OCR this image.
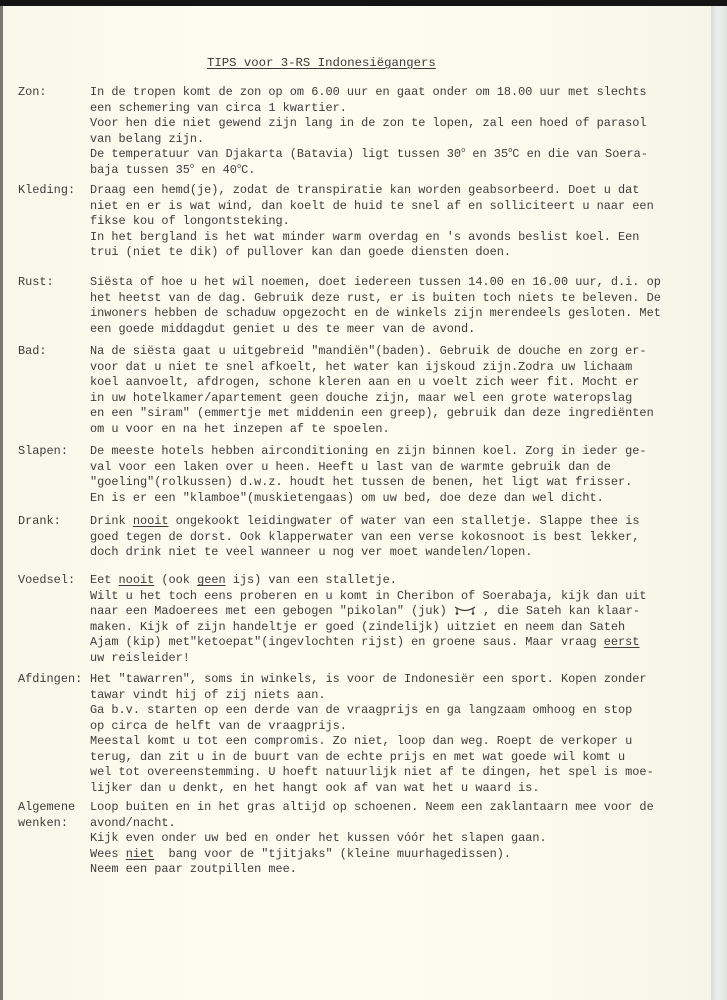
TIPS voor 3-RS Indonesiëgangers
Zon:	In de tropen komt de zon op om 6.00 uur en gaat onder om 18.00 uur met slechts
een schemering van circa 1 kwartier.
Voor hen die niet gewend zijn lang in de zon te lopen, zal een hoed of parasol
van belang zijn.
De temperatuur van Djakarta (Batavia) ligt tussen 30$^o$ en 35$^o$C en die van Soera-
baja tussen 35$^o$ en 40$^o$C.
Kleding: Draag een hemd(je), zodat de transpiratie kan worden geabsorbeerd. Doet u dat
niet en er is wat wind, dan koelt de huid te snel af en solliciteert u naar een
fikse kou of longontsteking.
In het bergland is het wat minder warm overdag en 's avonds beslist koel. Een
trui (niet te dik) of pullover kan dan goede diensten doen.
Rust:	Siësta of hoe u het wil noemen, doet iedereen tussen 14.00 en 16.00 uur, d.i. op
het heetst van de dag. Gebruik deze rust, er is buiten toch niets te beleven. De
inwoners hebben de schaduw opgezocht en de winkels zijn merendeels gesloten. Met
een goede middagdut geniet u des te meer van de avond.
Bad:	Na de siësta gaat u uitgebreid "mandiën"(baden). Gebruik de douche en zorg er-
voor dat u niet te snel afkoelt, het water kan ijskoud zijn.Zodra uw lichaam
koel aanvoelt, afdrogen, schone kleren aan en u voelt zich weer fit. Mocht er
in uw hotelkamer/apartement geen douche zijn, maar wel een grote wateropslag
en een "siram" (emmertje met middenin een greep), gebruik dan deze ingrediënten
om u voor en na het inzepen af te spoelen.
Slapen: De meeste hotels hebben airconditioning en zijn binnen koel. Zorg in ieder ge-
val voor een laken over u heen. Heeft u last van de warmte gebruik dan de
"goeling"(rolkussen) d.w.z. houdt het tussen de benen, het ligt wat frisser.
En is er een "klamboe"(muskietengaas) om uw bed, doe deze dan wel dicht.
Drank: Drink nooit ongekookt leidingwater of water van een stalletje. Slappe thee is
goed tegen de dorst. Ook klapperwater van een verse kokosnoot is best lekker,
doch drink niet te veel wanneer u nog ver moet wandelen/lopen.
Voedsel: Eet nooit (ook geen ijs) van een stalletje.
Wilt u het toch eens proberen en u komt in Cheribon of Soerabaja, kijk dan uit
naar een Madoerees met een gebogen "pikolan" (juk)  , die Sateh kan klaar-
maken. Kijk of zijn handeltje er goed (zindelijk) uitziet en neem dan Sateh
Ajam (kip) met"ketoepat"(ingevlochten rijst) en groene saus. Maar vraag eerst
uw reisleider!
Afdingen: Het "tawarren", soms in winkels, is voor de Indonesiër een sport. Kopen zonder
tawar vindt hij of zij niets aan.
Ga b.v. starten op een derde van de vraagprijs en ga langzaam omhoog en stop
op circa de helft van de vraagprijs.
Meestal komt u tot een compromis. Zo niet, loop dan weg. Roept de verkoper u
terug, dan zit u in de buurt van de echte prijs en met wat goede wil komt u
wel tot overeenstemming. U hoeft natuurlijk niet af te dingen, het spel is moe-
lijker dan u denkt, en het hangt ook af van wat het u waard is.
Algemene
wenken:
Loop buiten en in het gras altijd op schoenen. Neem een zaklantaarn mee voor de
avond/nacht.
Kijk even onder uw bed en onder het kussen vóór het slapen gaan.
Wees niet  bang voor de "tjitjaks" (kleine muurhagedissen).
Neem een paar zoutpillen mee.
